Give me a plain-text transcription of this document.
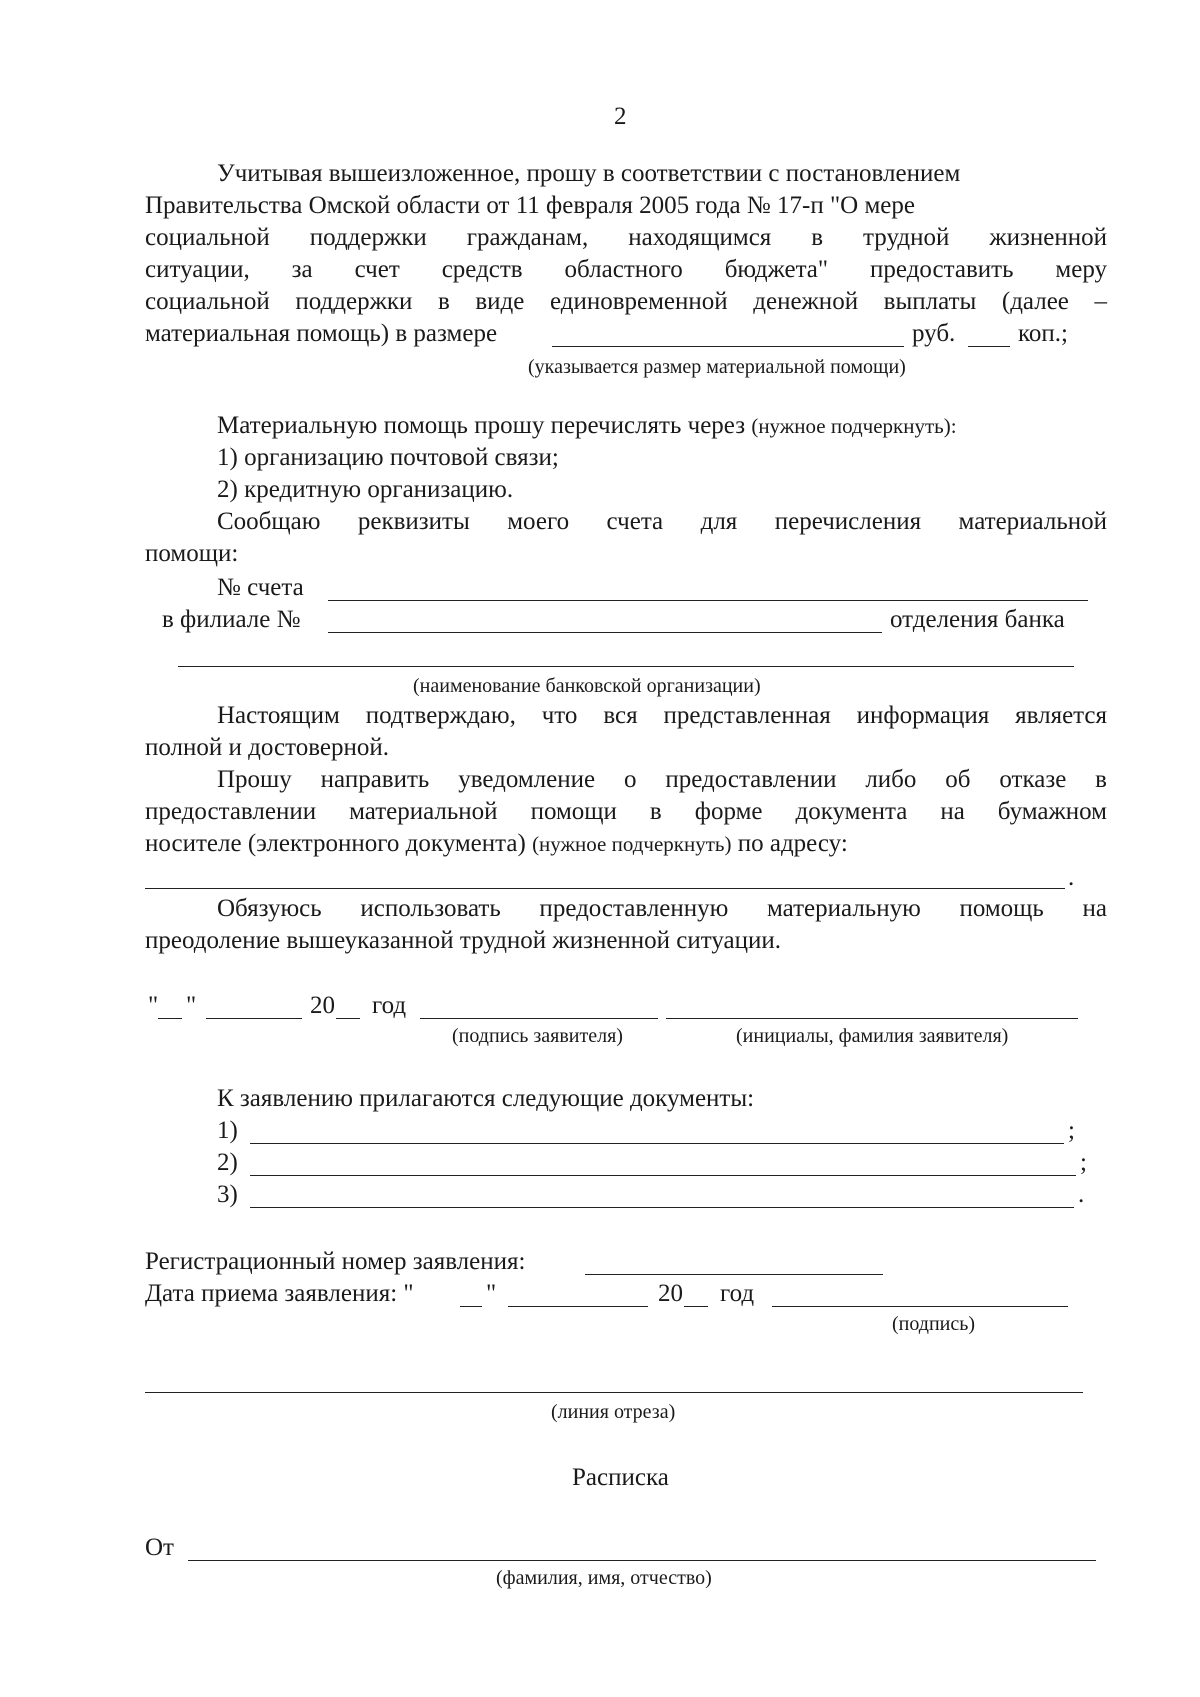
2
Учитывая вышеизложенное, прошу в соответствии с постановлением
Правительства Омской области от 11 февраля 2005 года № 17-п "О мере
социальной поддержки гражданам, находящимся в трудной жизненной
ситуации, за счет средств областного бюджета" предоставить меру
социальной поддержки в виде единовременной денежной выплаты (далее –
материальная помощь) в размере	руб.	коп.;
(указывается размер материальной помощи)
Материальную помощь прошу перечислять через (нужное подчеркнуть):
1) организацию почтовой связи;
2) кредитную организацию.
Сообщаю реквизиты моего счета для перечисления материальной
помощи:
№ счета
в филиале №	отделения банка
(наименование банковской организации)
Настоящим подтверждаю, что вся представленная информация является
полной и достоверной.
Прошу направить уведомление о предоставлении либо об отказе в
предоставлении материальной помощи в форме документа на бумажном
носителе (электронного документа) (нужное подчеркнуть) по адресу:
.
Обязуюсь использовать предоставленную материальную помощь на
преодоление вышеуказанной трудной жизненной ситуации.
" "	20 год
(подпись заявителя)	(инициалы, фамилия заявителя)
К заявлению прилагаются следующие документы:
1)	;
2)	;
3)	.
Регистрационный номер заявления:
Дата приема заявления: "	"	20 год
(подпись)
(линия отреза)
Расписка
От
(фамилия, имя, отчество)
